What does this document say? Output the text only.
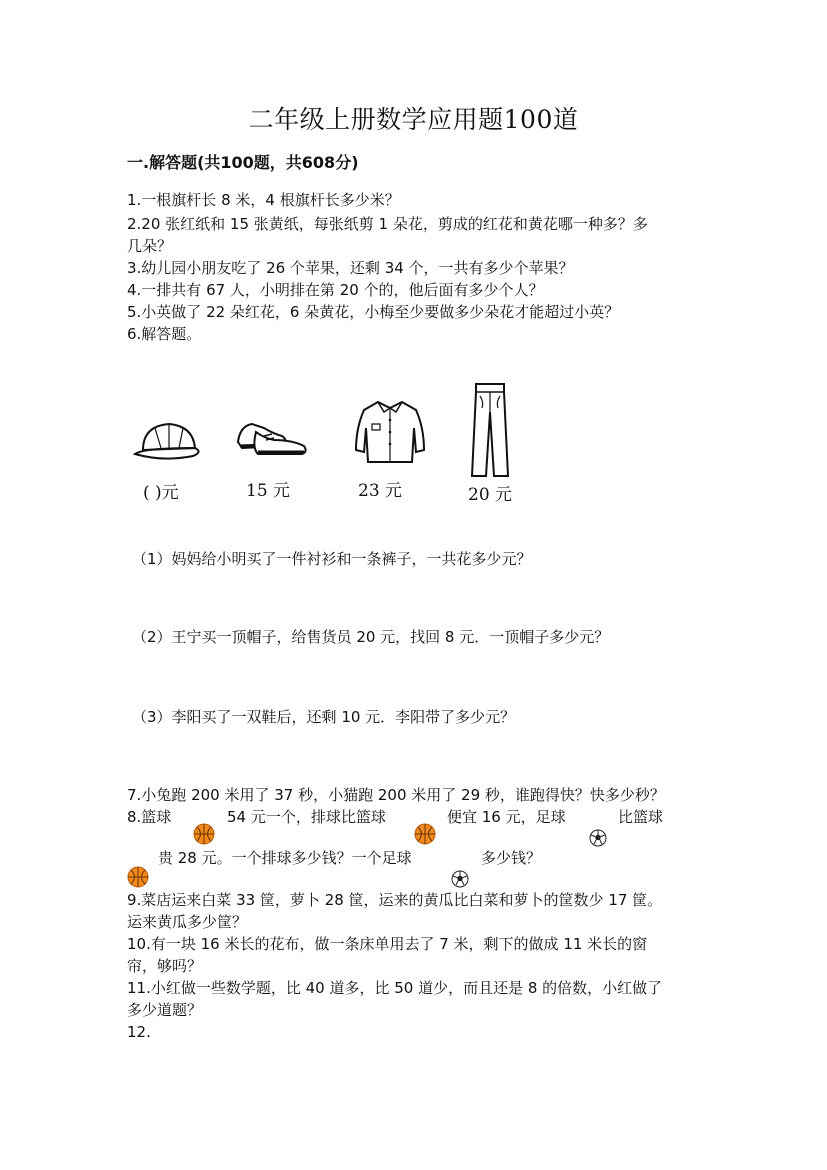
二年级上册数学应用题100道
一.解答题(共100题，共608分)
1.一根旗杆长 8 米，4 根旗杆长多少米？
2.20 张红纸和 15 张黄纸，每张纸剪 1 朵花，剪成的红花和黄花哪一种多？多
几朵？
3.幼儿园小朋友吃了 26 个苹果，还剩 34 个，一共有多少个苹果？
4.一排共有 67 人，小明排在第 20 个的，他后面有多少个人？
5.小英做了 22 朵红花，6 朵黄花，小梅至少要做多少朵花才能超过小英？
6.解答题。
( )元	15 元	23 元	20 元
（1）妈妈给小明买了一件衬衫和一条裤子，一共花多少元？
（2）王宁买一顶帽子，给售货员 20 元，找回 8 元．一顶帽子多少元？
（3）李阳买了一双鞋后，还剩 10 元．李阳带了多少元？
7.小兔跑 200 米用了 37 秒，小猫跑 200 米用了 29 秒，谁跑得快？快多少秒？
8.篮球	54 元一个，排球比篮球	便宜 16 元，足球	比篮球
贵 28 元。一个排球多少钱？一个足球	多少钱？
9.菜店运来白菜 33 筐，萝卜 28 筐，运来的黄瓜比白菜和萝卜的筐数少 17 筐。
运来黄瓜多少筐？
10.有一块 16 米长的花布，做一条床单用去了 7 米，剩下的做成 11 米长的窗
帘，够吗？
11.小红做一些数学题，比 40 道多，比 50 道少，而且还是 8 的倍数，小红做了
多少道题？
12.
